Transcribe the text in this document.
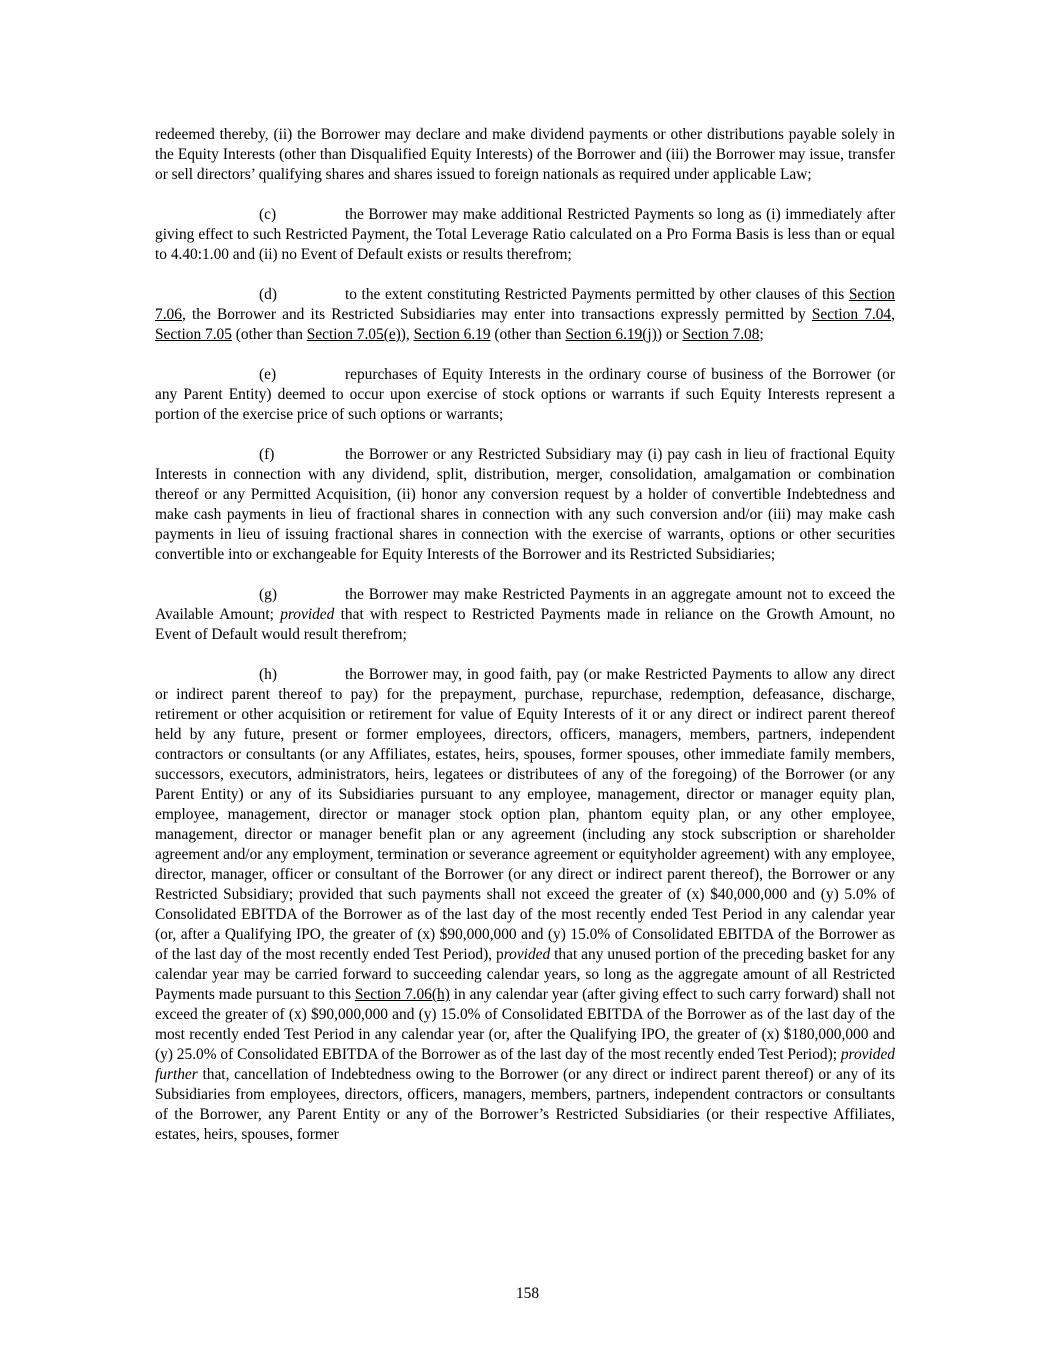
redeemed thereby, (ii) the Borrower may declare and make dividend payments or other distributions payable solely in the Equity Interests (other than Disqualified Equity Interests) of the Borrower and (iii) the Borrower may issue, transfer or sell directors’ qualifying shares and shares issued to foreign nationals as required under applicable Law;

(c)	the Borrower may make additional Restricted Payments so long as (i) immediately after giving effect to such Restricted Payment, the Total Leverage Ratio calculated on a Pro Forma Basis is less than or equal to 4.40:1.00 and (ii) no Event of Default exists or results therefrom;

(d)	to the extent constituting Restricted Payments permitted by other clauses of this Section 7.06, the Borrower and its Restricted Subsidiaries may enter into transactions expressly permitted by Section 7.04, Section 7.05 (other than Section 7.05(e)), Section 6.19 (other than Section 6.19(j)) or Section 7.08;

(e)	repurchases of Equity Interests in the ordinary course of business of the Borrower (or any Parent Entity) deemed to occur upon exercise of stock options or warrants if such Equity Interests represent a portion of the exercise price of such options or warrants;

(f)	the Borrower or any Restricted Subsidiary may (i) pay cash in lieu of fractional Equity Interests in connection with any dividend, split, distribution, merger, consolidation, amalgamation or combination thereof or any Permitted Acquisition, (ii) honor any conversion request by a holder of convertible Indebtedness and make cash payments in lieu of fractional shares in connection with any such conversion and/or (iii) may make cash payments in lieu of issuing fractional shares in connection with the exercise of warrants, options or other securities convertible into or exchangeable for Equity Interests of the Borrower and its Restricted Subsidiaries;

(g)	the Borrower may make Restricted Payments in an aggregate amount not to exceed the Available Amount; provided that with respect to Restricted Payments made in reliance on the Growth Amount, no Event of Default would result therefrom;

(h)	the Borrower may, in good faith, pay (or make Restricted Payments to allow any direct or indirect parent thereof to pay) for the prepayment, purchase, repurchase, redemption, defeasance, discharge, retirement or other acquisition or retirement for value of Equity Interests of it or any direct or indirect parent thereof held by any future, present or former employees, directors, officers, managers, members, partners, independent contractors or consultants (or any Affiliates, estates, heirs, spouses, former spouses, other immediate family members, successors, executors, administrators, heirs, legatees or distributees of any of the foregoing) of the Borrower (or any Parent Entity) or any of its Subsidiaries pursuant to any employee, management, director or manager equity plan, employee, management, director or manager stock option plan, phantom equity plan, or any other employee, management, director or manager benefit plan or any agreement (including any stock subscription or shareholder agreement and/or any employment, termination or severance agreement or equityholder agreement) with any employee, director, manager, officer or consultant of the Borrower (or any direct or indirect parent thereof), the Borrower or any Restricted Subsidiary; provided that such payments shall not exceed the greater of (x) $40,000,000 and (y) 5.0% of Consolidated EBITDA of the Borrower as of the last day of the most recently ended Test Period in any calendar year (or, after a Qualifying IPO, the greater of (x) $90,000,000 and (y) 15.0% of Consolidated EBITDA of the Borrower as of the last day of the most recently ended Test Period), provided that any unused portion of the preceding basket for any calendar year may be carried forward to succeeding calendar years, so long as the aggregate amount of all Restricted Payments made pursuant to this Section 7.06(h) in any calendar year (after giving effect to such carry forward) shall not exceed the greater of (x) $90,000,000 and (y) 15.0% of Consolidated EBITDA of the Borrower as of the last day of the most recently ended Test Period in any calendar year (or, after the Qualifying IPO, the greater of (x) $180,000,000 and (y) 25.0% of Consolidated EBITDA of the Borrower as of the last day of the most recently ended Test Period); provided further that, cancellation of Indebtedness owing to the Borrower (or any direct or indirect parent thereof) or any of its Subsidiaries from employees, directors, officers, managers, members, partners, independent contractors or consultants of the Borrower, any Parent Entity or any of the Borrower’s Restricted Subsidiaries (or their respective Affiliates, estates, heirs, spouses, former

158
